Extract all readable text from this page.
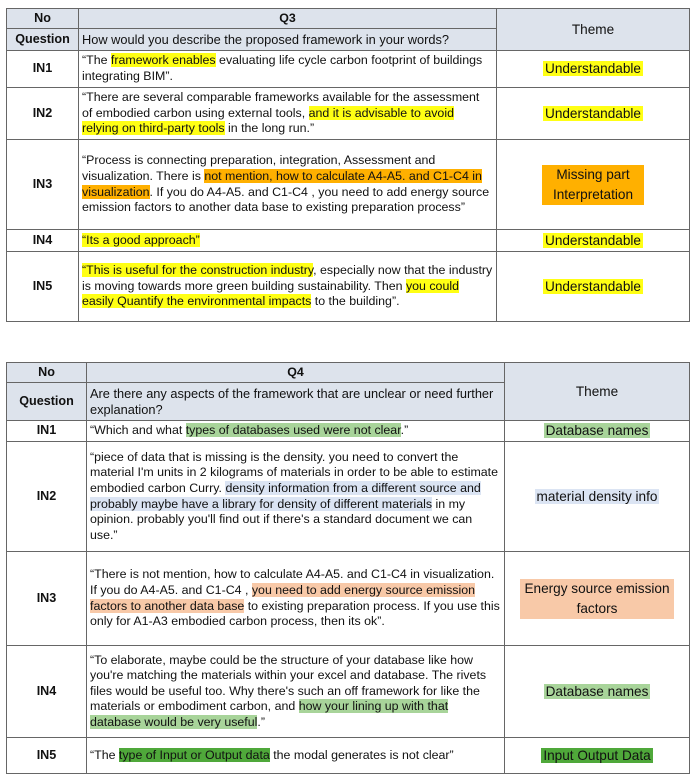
No	Q3	Theme
Question	How would you describe the proposed framework in your words?	
IN1	“The framework enables evaluating life cycle carbon footprint of buildings integrating BIM”.	Understandable
IN2	“There are several comparable frameworks available for the assessment of embodied carbon using external tools, and it is advisable to avoid relying on third-party tools in the long run.”	Understandable
IN3	“Process is connecting preparation, integration, Assessment and visualization. There is not mention, how to calculate A4-A5. and C1-C4 in visualization. If you do A4-A5. and C1-C4 , you need to add energy source emission factors to another data base to existing preparation process”	Missing part Interpretation
IN4	“Its a good approach”	Understandable
IN5	“This is useful for the construction industry, especially now that the industry is moving towards more green building sustainability. Then you could easily Quantify the environmental impacts to the building”.	Understandable
No	Q4	Theme
Question	Are there any aspects of the framework that are unclear or need further explanation?	
IN1	“Which and what types of databases used were not clear.”	Database names
IN2	“piece of data that is missing is the density. you need to convert the material I'm units in 2 kilograms of materials in order to be able to estimate embodied carbon Curry. density information from a different source and probably maybe have a library for density of different materials in my opinion. probably you'll find out if there's a standard document we can use.”	material density info
IN3	“There is not mention, how to calculate A4-A5. and C1-C4 in visualization. If you do A4-A5. and C1-C4 , you need to add energy source emission factors to another data base to existing preparation process. If you use this only for A1-A3 embodied carbon process, then its ok”.	Energy source emission factors
IN4	“To elaborate, maybe could be the structure of your database like how you're matching the materials within your excel and database. The rivets files would be useful too. Why there's such an off framework for like the materials or embodiment carbon, and how your lining up with that database would be very useful.”	Database names
IN5	“The type of Input or Output data the modal generates is not clear”	Input Output Data
